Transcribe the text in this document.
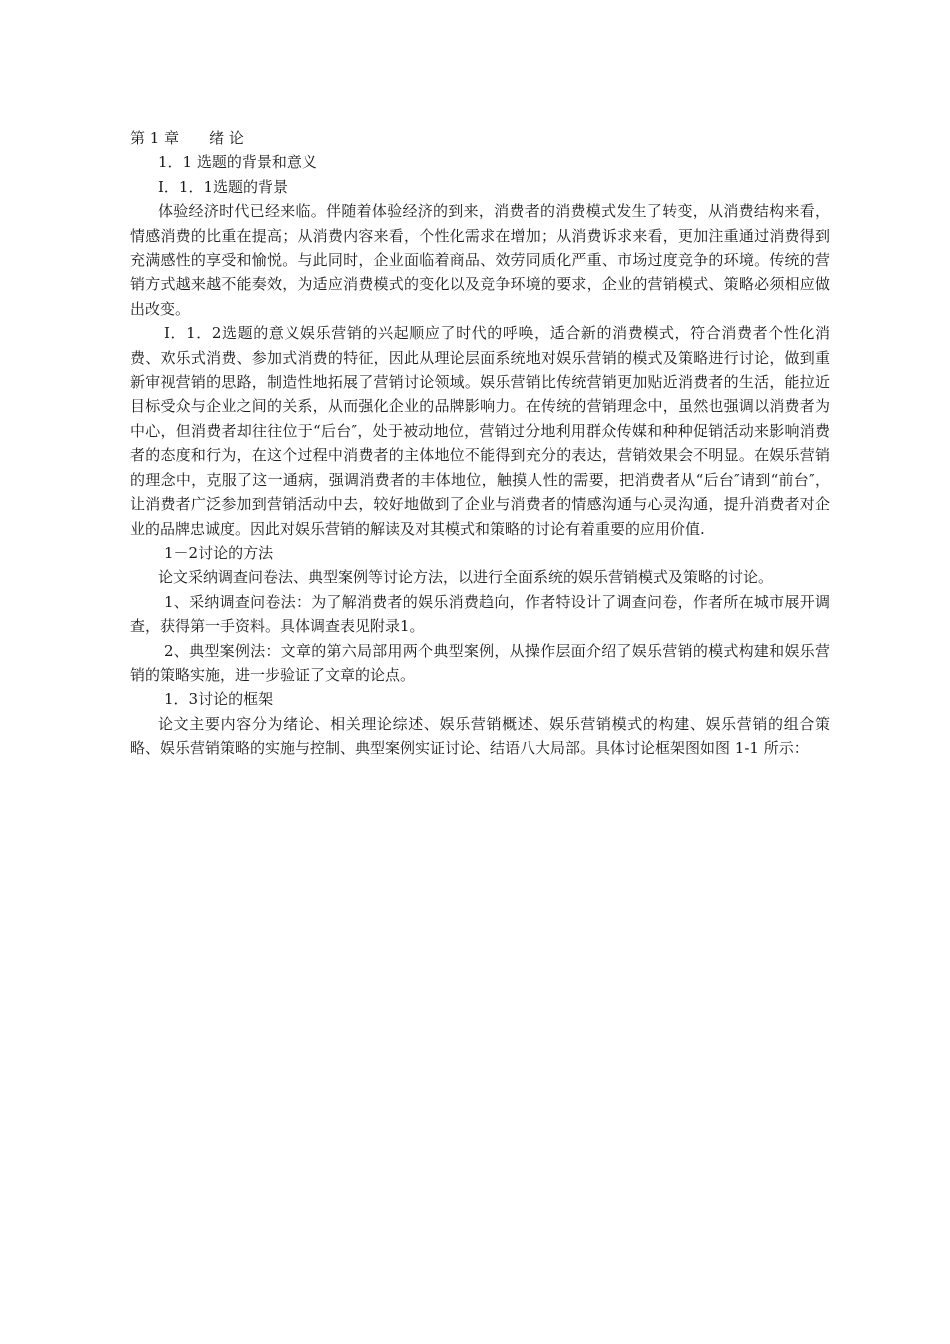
第 1 章　　绪 论

1．1 选题的背景和意义

Ⅰ．1．1选题的背景

体验经济时代已经来临。伴随着体验经济的到来，消费者的消费模式发生了转变，从消费结构来看，情感消费的比重在提高；从消费内容来看，个性化需求在增加；从消费诉求来看，更加注重通过消费得到充满感性的享受和愉悦。与此同时，企业面临着商品、效劳同质化严重、市场过度竞争的环境。传统的营销方式越来越不能奏效，为适应消费模式的变化以及竞争环境的要求，企业的营销模式、策略必须相应做出改变。

Ⅰ．1．2选题的意义娱乐营销的兴起顺应了时代的呼唤，适合新的消费模式，符合消费者个性化消费、欢乐式消费、参加式消费的特征，因此从理论层面系统地对娱乐营销的模式及策略进行讨论，做到重新审视营销的思路，制造性地拓展了营销讨论领域。娱乐营销比传统营销更加贴近消费者的生活，能拉近目标受众与企业之间的关系，从而强化企业的品牌影响力。在传统的营销理念中，虽然也强调以消费者为中心，但消费者却往往位于“后台″，处于被动地位，营销过分地利用群众传媒和种种促销活动来影响消费者的态度和行为，在这个过程中消费者的主体地位不能得到充分的表达，营销效果会不明显。在娱乐营销的理念中，克服了这一通病，强调消费者的丰体地位，触摸人性的需要，把消费者从“后台″请到“前台″，让消费者广泛参加到营销活动中去，较好地做到了企业与消费者的情感沟通与心灵沟通，提升消费者对企业的品牌忠诚度。因此对娱乐营销的解读及对其模式和策略的讨论有着重要的应用价值.

1－2讨论的方法

论文采纳调查问卷法、典型案例等讨论方法，以进行全面系统的娱乐营销模式及策略的讨论。

1、采纳调查问卷法：为了解消费者的娱乐消费趋向，作者特设计了调查问卷，作者所在城市展开调查，获得第一手资料。具体调查表见附录1。

2、典型案例法：文章的第六局部用两个典型案例，从操作层面介绍了娱乐营销的模式构建和娱乐营销的策略实施，进一步验证了文章的论点。

1．3讨论的框架

论文主要内容分为绪论、相关理论综述、娱乐营销概述、娱乐营销模式的构建、娱乐营销的组合策略、娱乐营销策略的实施与控制、典型案例实证讨论、结语八大局部。具体讨论框架图如图 1-1 所示：
